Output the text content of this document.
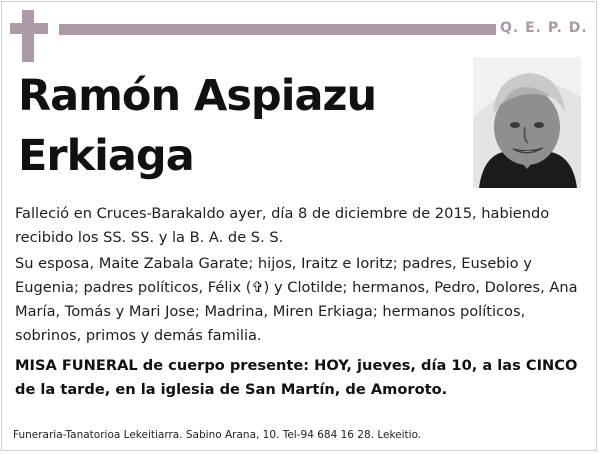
Q. E. P. D.
Ramón Aspiazu
Erkiaga

Falleció en Cruces-Barakaldo ayer, día 8 de diciembre de 2015, habiendo recibido los SS. SS. y la B. A. de S. S.

Su esposa, Maite Zabala Garate; hijos, Iraitz e Ioritz; padres, Eusebio y Eugenia; padres políticos, Félix (✞) y Clotilde; hermanos, Pedro, Dolores, Ana María, Tomás y Mari Jose; Madrina, Miren Erkiaga; hermanos políticos, sobrinos, primos y demás familia.

MISA FUNERAL de cuerpo presente: HOY, jueves, día 10, a las CINCO de la tarde, en la iglesia de San Martín, de Amoroto.

Funeraria-Tanatorioa Lekeitiarra. Sabino Arana, 10. Tel-94 684 16 28. Lekeitio.
